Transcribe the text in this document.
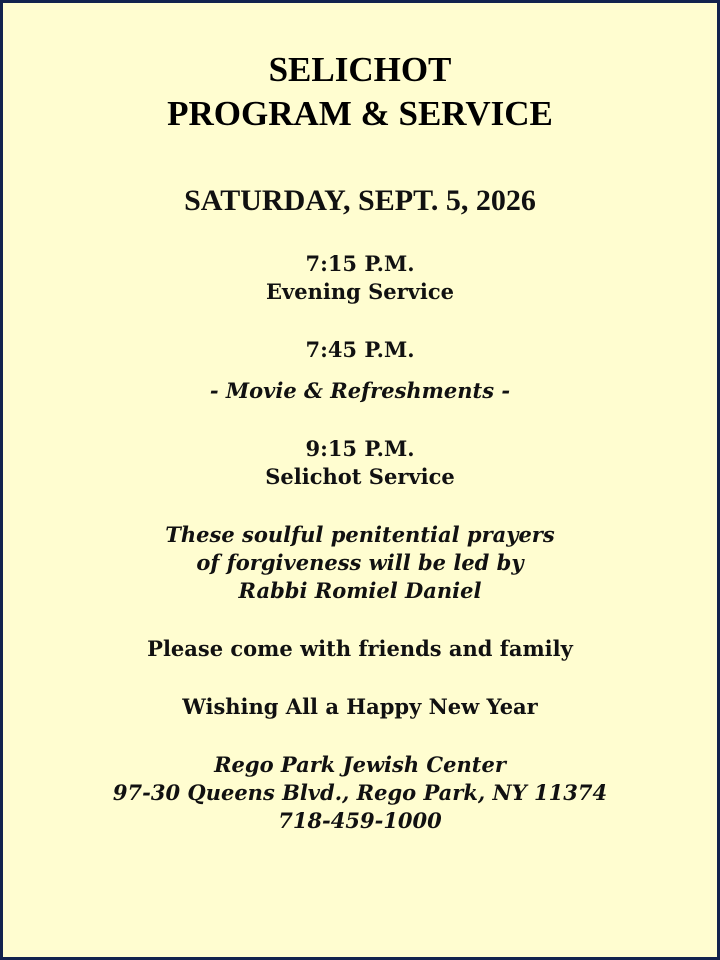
SELICHOT
PROGRAM & SERVICE
SATURDAY, SEPT. 5, 2026
7:15 P.M.
Evening Service
7:45 P.M.
- Movie & Refreshments -
9:15 P.M.
Selichot Service
These soulful penitential prayers
of forgiveness will be led by
Rabbi Romiel Daniel
Please come with friends and family
Wishing All a Happy New Year
Rego Park Jewish Center
97-30 Queens Blvd., Rego Park, NY 11374
718-459-1000
